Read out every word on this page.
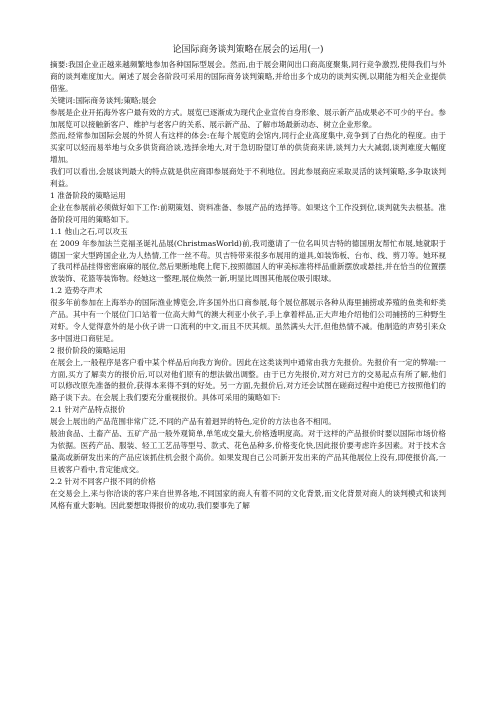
论国际商务谈判策略在展会的运用(一)

摘要:我国企业正越来越频繁地参加各种国际型展会。然而,由于展会期间出口商高度聚集,同行竞争激烈,使得我们与外商的谈判难度加大。阐述了展会各阶段可采用的国际商务谈判策略,并给出多个成功的谈判实例,以期能为相关企业提供借鉴。

关键词:国际商务谈判;策略;展会

参展是企业开拓海外客户最有效的方式。展览已逐渐成为现代企业宣传自身形象、展示新产品成果必不可少的平台。参加展览可以接触新客户、维护与老客户的关系、展示新产品、了解市场最新动态、树立企业形象。

然而,经常参加国际会展的外贸人有这样的体会:在每个展览的会馆内,同行企业高度集中,竞争到了白热化的程度。由于买家可以轻而易举地与众多供货商洽谈,选择余地大,对于急切盼望订单的供货商来讲,谈判力大大减弱,谈判难度大幅度增加。

我们可以看出,会展谈判最大的特点就是供应商即参展商处于不利地位。因此参展商应采取灵活的谈判策略,多争取谈判利益。

1 准备阶段的策略运用

企业在参展前必须做好如下工作:前期策划、资料准备、参展产品的选择等。如果这个工作没到位,谈判就失去根基。准备阶段可用的策略如下。

1.1 他山之石,可以攻玉

在 2009 年参加法兰克福圣诞礼品展(ChristmasWorld)前,我司邀请了一位名叫贝吉特的德国朋友帮忙布展,她就职于德国一家大型跨国企业,为人热情,工作一丝不苟。贝吉特带来很多布展用的道具,如装饰板、台布、线、剪刀等。她环视了我司样品挂得密密麻麻的展位,然后果断地爬上爬下,按照德国人的审美标准将样品重新摆放或悬挂,并在恰当的位置摆放装饰、花篮等装饰物。经她这一整理,展位焕然一新,明显比周围其他展位吸引眼球。

1.2 造势夺声术

很多年前参加在上海举办的国际渔业博览会,许多国外出口商参展,每个展位都展示各种从海里捕捞或养殖的鱼类和虾类产品。其中有一个展位门口站着一位高大帅气的澳大利亚小伙子,手上拿着样品,正大声地介绍他们公司捕捞的三种野生对虾。令人觉得意外的是小伙子讲一口流利的中文,而且不厌其烦。虽然满头大汗,但他热情不减。他制造的声势引来众多中国进口商驻足。

2 报价阶段的策略运用

在展会上,一般程序是客户看中某个样品后向我方询价。因此在这类谈判中通常由我方先报价。先报价有一定的弊端:一方面,买方了解卖方的报价后,可以对他们原有的想法做出调整。由于已方先报价,对方对已方的交易起点有所了解,他们可以修改原先准备的报价,获得本来得不到的好处。另一方面,先报价后,对方还会试图在磋商过程中迫使已方按照他们的路子谈下去。在会展上我们要充分重视报价。具体可采用的策略如下:

2.1 针对产品特点报价

展会上展出的产品范围非常广泛,不同的产品有着迥异的特色,定价的方法也各不相同。

般油食品、土畜产品、五矿产品一般外观简单,单笔成交量大,价格透明度高。对于这样的产品报价时要以国际市场价格为依据。医药产品、服装、轻工工艺品等型号、款式、花色品种多,价格变化快,因此报价要考虑许多因素。对于技术含量高或新研发出来的产品应该抓住机会报个高价。如果发现自己公司新开发出来的产品其他展位上没有,即使报价高,一旦被客户看中,肯定能成交。

2.2 针对不同客户报不同的价格

在交易会上,来与你洽谈的客户来自世界各地,不同国家的商人有着不同的文化背景,而文化背景对商人的谈判模式和谈判风格有重大影响。因此要想取得报价的成功,我们要事先了解
